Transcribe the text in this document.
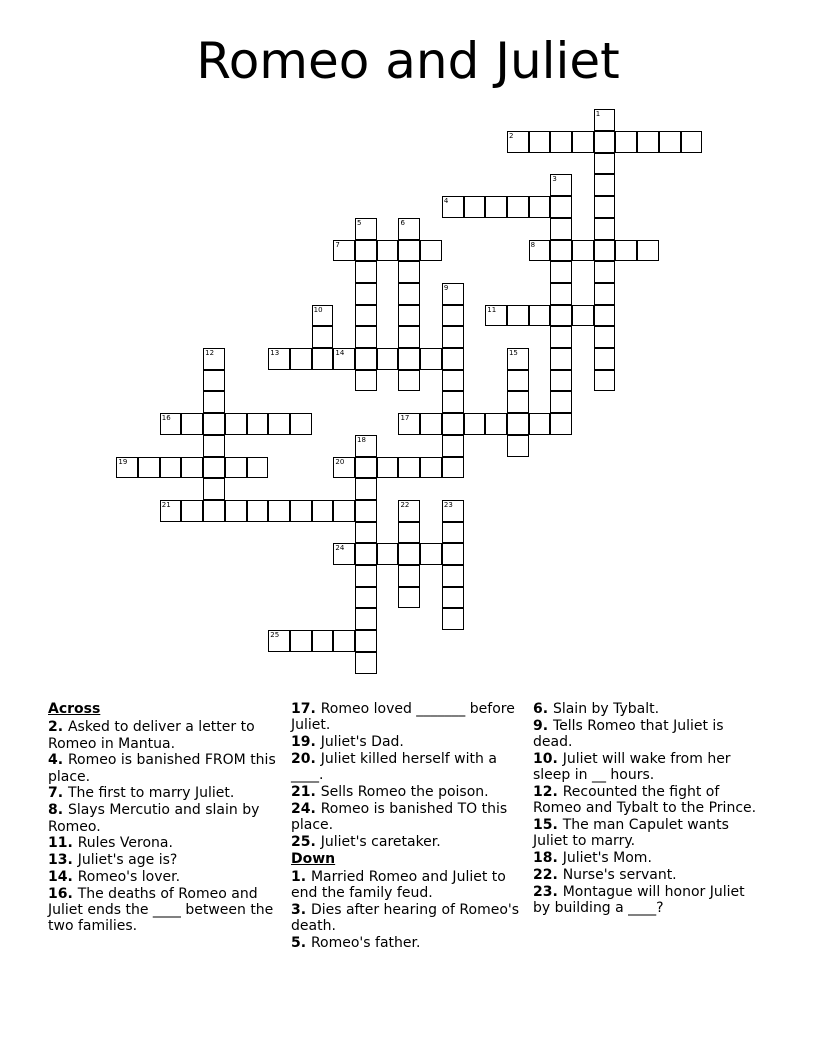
Romeo and Juliet
2
4
7	8
11
13	14
16	17
19	20
21
24
25
1
3
5	6
9
10
12	15
18
22	23
Across
2. Asked to deliver a letter to Romeo in Mantua.
4. Romeo is banished FROM this place.
7. The first to marry Juliet.
8. Slays Mercutio and slain by Romeo.
11. Rules Verona.
13. Juliet's age is?
14. Romeo's lover.
16. The deaths of Romeo and Juliet ends the ____ between the two families.
17. Romeo loved _______ before Juliet.
19. Juliet's Dad.
20. Juliet killed herself with a ____.
21. Sells Romeo the poison.
24. Romeo is banished TO this place.
25. Juliet's caretaker.
Down
1. Married Romeo and Juliet to end the family feud.
3. Dies after hearing of Romeo's death.
5. Romeo's father.
6. Slain by Tybalt.
9. Tells Romeo that Juliet is dead.
10. Juliet will wake from her sleep in __ hours.
12. Recounted the fight of Romeo and Tybalt to the Prince.
15. The man Capulet wants Juliet to marry.
18. Juliet's Mom.
22. Nurse's servant.
23. Montague will honor Juliet by building a ____?
